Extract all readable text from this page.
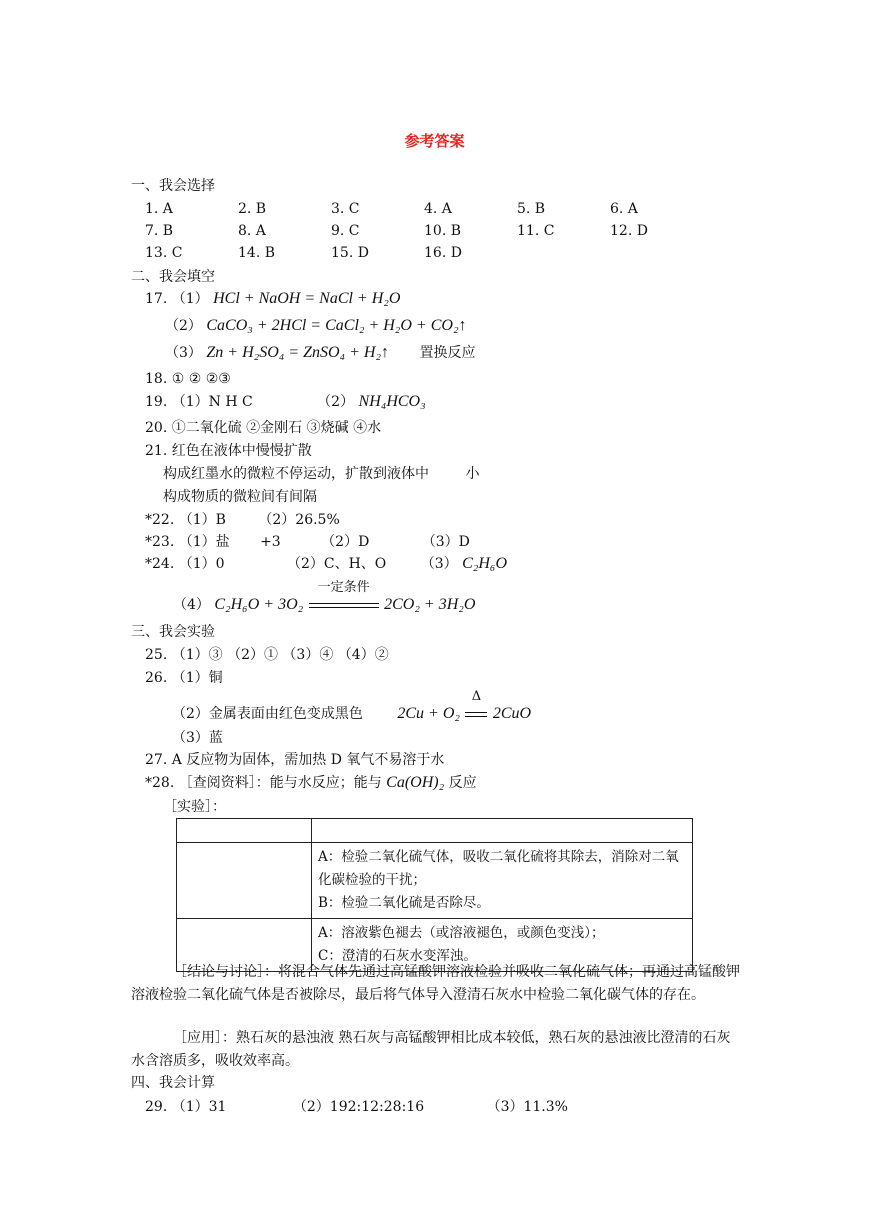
参考答案
一、我会选择
1. A	2. B	3. C	4. A	5. B	6. A
7. B	8. A	9. C	10. B	11. C	12. D
13. C	14. B	15. D	16. D
二、我会填空
17. （1） HCl + NaOH = NaCl + H₂O
（2） CaCO₃ + 2HCl = CaCl₂ + H₂O + CO₂↑
（3） Zn + H₂SO₄ = ZnSO₄ + H₂↑ 置换反应
18. ① ② ②③
19. （1）N H C	（2） NH₄HCO₃
20. ①二氧化硫 ②金刚石 ③烧碱 ④水
21. 红色在液体中慢慢扩散
构成红墨水的微粒不停运动，扩散到液体中	小
构成物质的微粒间有间隔
*22. （1）B （2）26.5%
*23. （1）盐 +3	（2）D	（3）D
*24. （1）0	（2）C、H、O （3） C₂H₆O
（4） C₂H₆O + 3O₂
一定条件
2CO₂ + 3H₂O
三、我会实验
25. （1）③ （2）① （3）④ （4）②
26. （1）铜
（2）金属表面由红色变成黑色 2Cu + O₂
Δ
2CuO
（3）蓝
27. A 反应物为固体，需加热 D 氧气不易溶于水
*28. ［查阅资料］：能与水反应；能与 Ca(OH)₂ 反应
［实验］：

	A：检验二氧化硫气体，吸收二氧化硫将其除去，消除对二氧化碳检验的干扰；
B：检验二氧化硫是否除尽。

	A：溶液紫色褪去（或溶液褪色，或颜色变浅）；
C：澄清的石灰水变浑浊。
［结论与讨论］：将混合气体先通过高锰酸钾溶液检验并吸收二氧化硫气体；再通过高锰酸钾溶液检验二氧化硫气体是否被除尽，最后将气体导入澄清石灰水中检验二氧化碳气体的存在。
［应用］：熟石灰的悬浊液 熟石灰与高锰酸钾相比成本较低，熟石灰的悬浊液比澄清的石灰水含溶质多，吸收效率高。
四、我会计算
29. （1）31	（2）192:12:28:16	（3）11.3%
